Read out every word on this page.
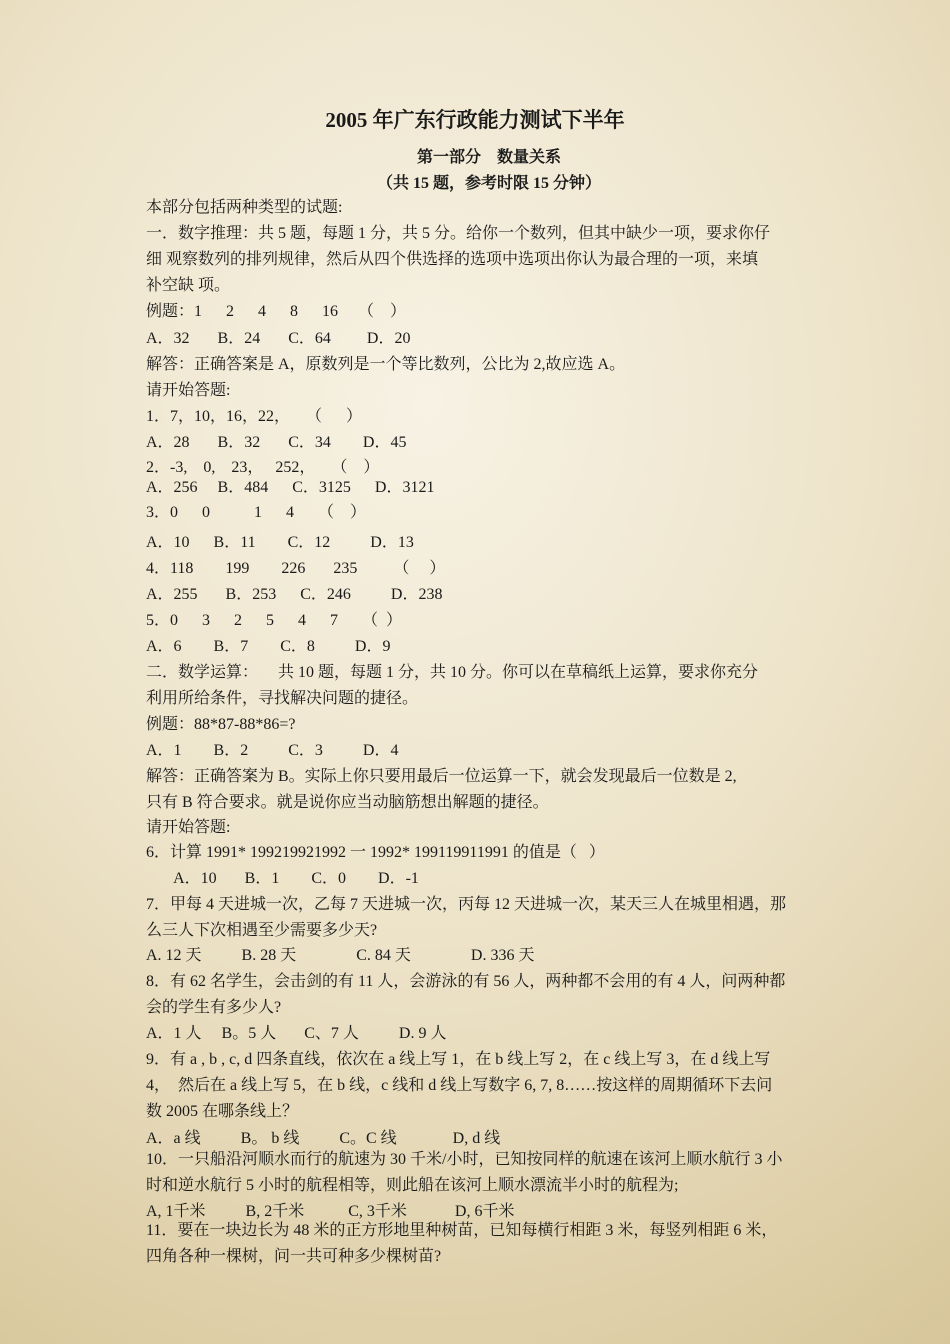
2005 年广东行政能力测试下半年
第一部分    数量关系
（共 15 题，参考时限 15 分钟）
本部分包括两种类型的试题:
一．数字推理：共 5 题，每题 1 分，共 5 分。给你一个数列，但其中缺少一项，要求你仔
细 观察数列的排列规律，然后从四个供选择的选项中选项出你认为最合理的一项，来填
补空缺 项。
例题：1      2      4      8      16     （    ）
A．32       B．24       C．64         D．20
解答：正确答案是 A，原数列是一个等比数列，公比为 2,故应选 A。
请开始答题:
1．7，10，16，22，    （      ）
A．28       B．32       C．34        D．45
2．-3,    0,    23，   252，    （    ）
A．256     B．484      C．3125      D．3121
3．0      0           1      4      （    ）
A．10      B．11        C．12          D．13
4．118        199        226       235         （     ）
A．255       B．253      C．246          D．238
5．0      3      2      5      4      7      （  ）
A．6        B．7        C．8          D．9
二．数学运算：     共 10 题，每题 1 分，共 10 分。你可以在草稿纸上运算，要求你充分
利用所给条件，寻找解决问题的捷径。
例题：88*87-88*86=?
A．1        B．2          C．3          D．4
解答：正确答案为 B。实际上你只要用最后一位运算一下，就会发现最后一位数是 2,
只有 B 符合要求。就是说你应当动脑筋想出解题的捷径。
请开始答题:
6．计算 1991* 199219921992 一 1992* 199119911991 的值是（   ）
A．10       B．1        C．0        D．-1
7．甲每 4 天进城一次，乙每 7 天进城一次，丙每 12 天进城一次，某天三人在城里相遇，那
么三人下次相遇至少需要多少天?
A. 12 天          B. 28 天               C. 84 天               D. 336 天
8．有 62 名学生，会击剑的有 11 人，会游泳的有 56 人，两种都不会用的有 4 人，问两种都
会的学生有多少人?
A．1 人     B。5 人       C、7 人          D. 9 人
9．有 a , b , c, d 四条直线，依次在 a 线上写 1，在 b 线上写 2，在 c 线上写 3，在 d 线上写
4，  然后在 a 线上写 5，在 b 线，c 线和 d 线上写数字 6, 7, 8……按这样的周期循环下去问
数 2005 在哪条线上？
A．a 线          B。 b 线          C。C 线              D, d 线
10．一只船沿河顺水而行的航速为 30 千米/小时，已知按同样的航速在该河上顺水航行 3 小
时和逆水航行 5 小时的航程相等，则此船在该河上顺水漂流半小时的航程为;
A, 1千米          B, 2千米           C, 3千米            D, 6千米
11．要在一块边长为 48 米的正方形地里种树苗，已知每横行相距 3 米，每竖列相距 6 米，
四角各种一棵树，问一共可种多少棵树苗?
